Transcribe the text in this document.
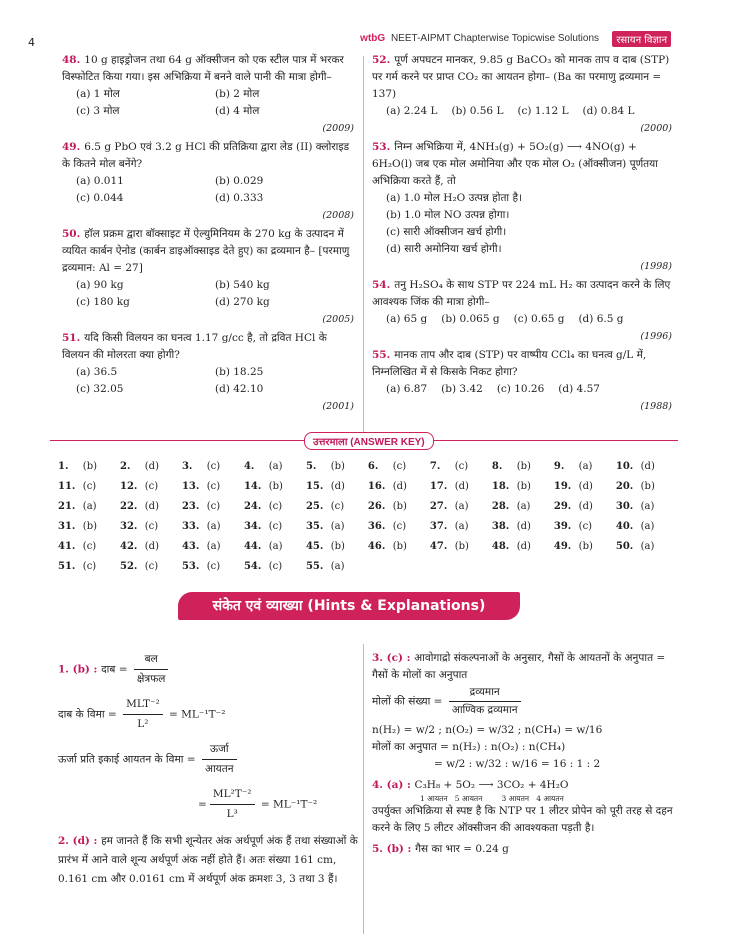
4	wtbG NEET-AIPMT Chapterwise Topicwise Solutions	रसायन विज्ञान
48. 10 g हाइड्रोजन तथा 64 g ऑक्सीजन को एक स्टील पात्र में भरकर विस्फोटित किया गया। इस अभिक्रिया में बनने वाले पानी की मात्रा होगी–
(a) 1 मोल	(b) 2 मोल
(c) 3 मोल	(d) 4 मोल
(2009)
49. 6.5 g PbO एवं 3.2 g HCl की प्रतिक्रिया द्वारा लेड (II) क्लोराइड के कितने मोल बनेंगे?
(a) 0.011	(b) 0.029
(c) 0.044	(d) 0.333
(2008)
50. हॉल प्रक्रम द्वारा बॉक्साइट में ऐल्युमिनियम के 270 kg के उत्पादन में व्ययित कार्बन ऐनोड (कार्बन डाइऑक्साइड देते हुए) का द्रव्यमान है– [परमाणु द्रव्यमान: Al = 27]
(a) 90 kg	(b) 540 kg
(c) 180 kg	(d) 270 kg
(2005)
51. यदि किसी विलयन का घनत्व 1.17 g/cc है, तो द्रवित HCl के विलयन की मोलरता क्या होगी?
(a) 36.5	(b) 18.25
(c) 32.05	(d) 42.10
(2001)
52. पूर्ण अपघटन मानकर, 9.85 g BaCO₃ को मानक ताप व दाब (STP) पर गर्म करने पर प्राप्त CO₂ का आयतन होगा– (Ba का परमाणु द्रव्यमान = 137)
(a) 2.24 L (b) 0.56 L (c) 1.12 L (d) 0.84 L
(2000)
53. निम्न अभिक्रिया में, 4NH₃(g) + 5O₂(g) ⟶ 4NO(g) + 6H₂O(l) जब एक मोल अमोनिया और एक मोल O₂ (ऑक्सीजन) पूर्णतया अभिक्रिया करते हैं, तो
(a) 1.0 मोल H₂O उत्पन्न होता है।
(b) 1.0 मोल NO उत्पन्न होगा।
(c) सारी ऑक्सीजन खर्च होगी।
(d) सारी अमोनिया खर्च होगी।
(1998)
54. तनु H₂SO₄ के साथ STP पर 224 mL H₂ का उत्पादन करने के लिए आवश्यक जिंक की मात्रा होगी–
(a) 65 g (b) 0.065 g (c) 0.65 g (d) 6.5 g
(1996)
55. मानक ताप और दाब (STP) पर वाष्पीय CCl₄ का घनत्व g/L में, निम्नलिखित में से किसके निकट होगा?
(a) 6.87 (b) 3.42 (c) 10.26 (d) 4.57
(1988)
उत्तरमाला (ANSWER KEY)
1.	(b)	2.	(d)	3.	(c)	4.	(a)	5.	(b)	6.	(c)	7.	(c)	8.	(b)	9.	(a)	10.	(d)
11.	(c)	12.	(c)	13.	(c)	14.	(b)	15.	(d)	16.	(d)	17.	(d)	18.	(b)	19.	(d)	20.	(b)
21.	(a)	22.	(d)	23.	(c)	24.	(c)	25.	(c)	26.	(b)	27.	(a)	28.	(a)	29.	(d)	30.	(a)
31.	(b)	32.	(c)	33.	(a)	34.	(c)	35.	(a)	36.	(c)	37.	(a)	38.	(d)	39.	(c)	40.	(a)
41.	(c)	42.	(d)	43.	(a)	44.	(a)	45.	(b)	46.	(b)	47.	(b)	48.	(d)	49.	(b)	50.	(a)
51.	(c)	52.	(c)	53.	(c)	54.	(c)	55.	(a)										
संकेत एवं व्याख्या (Hints & Explanations)
1. (b) : दाब = $\frac{\text{बल}}{\text{क्षेत्रफल}}$
दाब के विमा = $\frac{\text{MLT⁻²}}{\text{L²}} = ML^{-1}T^{-2}$
ऊर्जा प्रति इकाई आयतन के विमा = $\frac{\text{ऊर्जा}}{\text{आयतन}}$
= $\frac{\text{ML²T⁻²}}{\text{L³}} = ML^{-1}T^{-2}$
2. (d) : हम जानते हैं कि सभी शून्येतर अंक अर्थपूर्ण अंक हैं तथा संख्याओं के प्रारंभ में आने वाले शून्य अर्थपूर्ण अंक नहीं होते हैं। अतः संख्या 161 cm, 0.161 cm और 0.0161 cm में अर्थपूर्ण अंक क्रमशः 3, 3 तथा 3 हैं।
3. (c) : आवोगाद्रो संकल्पनाओं के अनुसार, गैसों के आयतनों के अनुपात = गैसों के मोलों का अनुपात
मोलों की संख्या = $\frac{\text{द्रव्यमान}}{\text{आण्विक द्रव्यमान}}$
n(H₂) = w/2 ; n(O₂) = w/32 ; n(CH₄) = w/16
मोलों का अनुपात = n(H₂) : n(O₂) : n(CH₄)
= w/2 : w/32 : w/16 = 16 : 1 : 2
4. (a) : C₃H₈ + 5O₂ ⟶ 3CO₂ + 4H₂O
1 आयतन   5 आयतन        3 आयतन   4 आयतन
उपर्युक्त अभिक्रिया से स्पष्ट है कि NTP पर 1 लीटर प्रोपेन को पूरी तरह से दहन करने के लिए 5 लीटर ऑक्सीजन की आवश्यकता पड़ती है।
5. (b) : गैस का भार = 0.24 g
